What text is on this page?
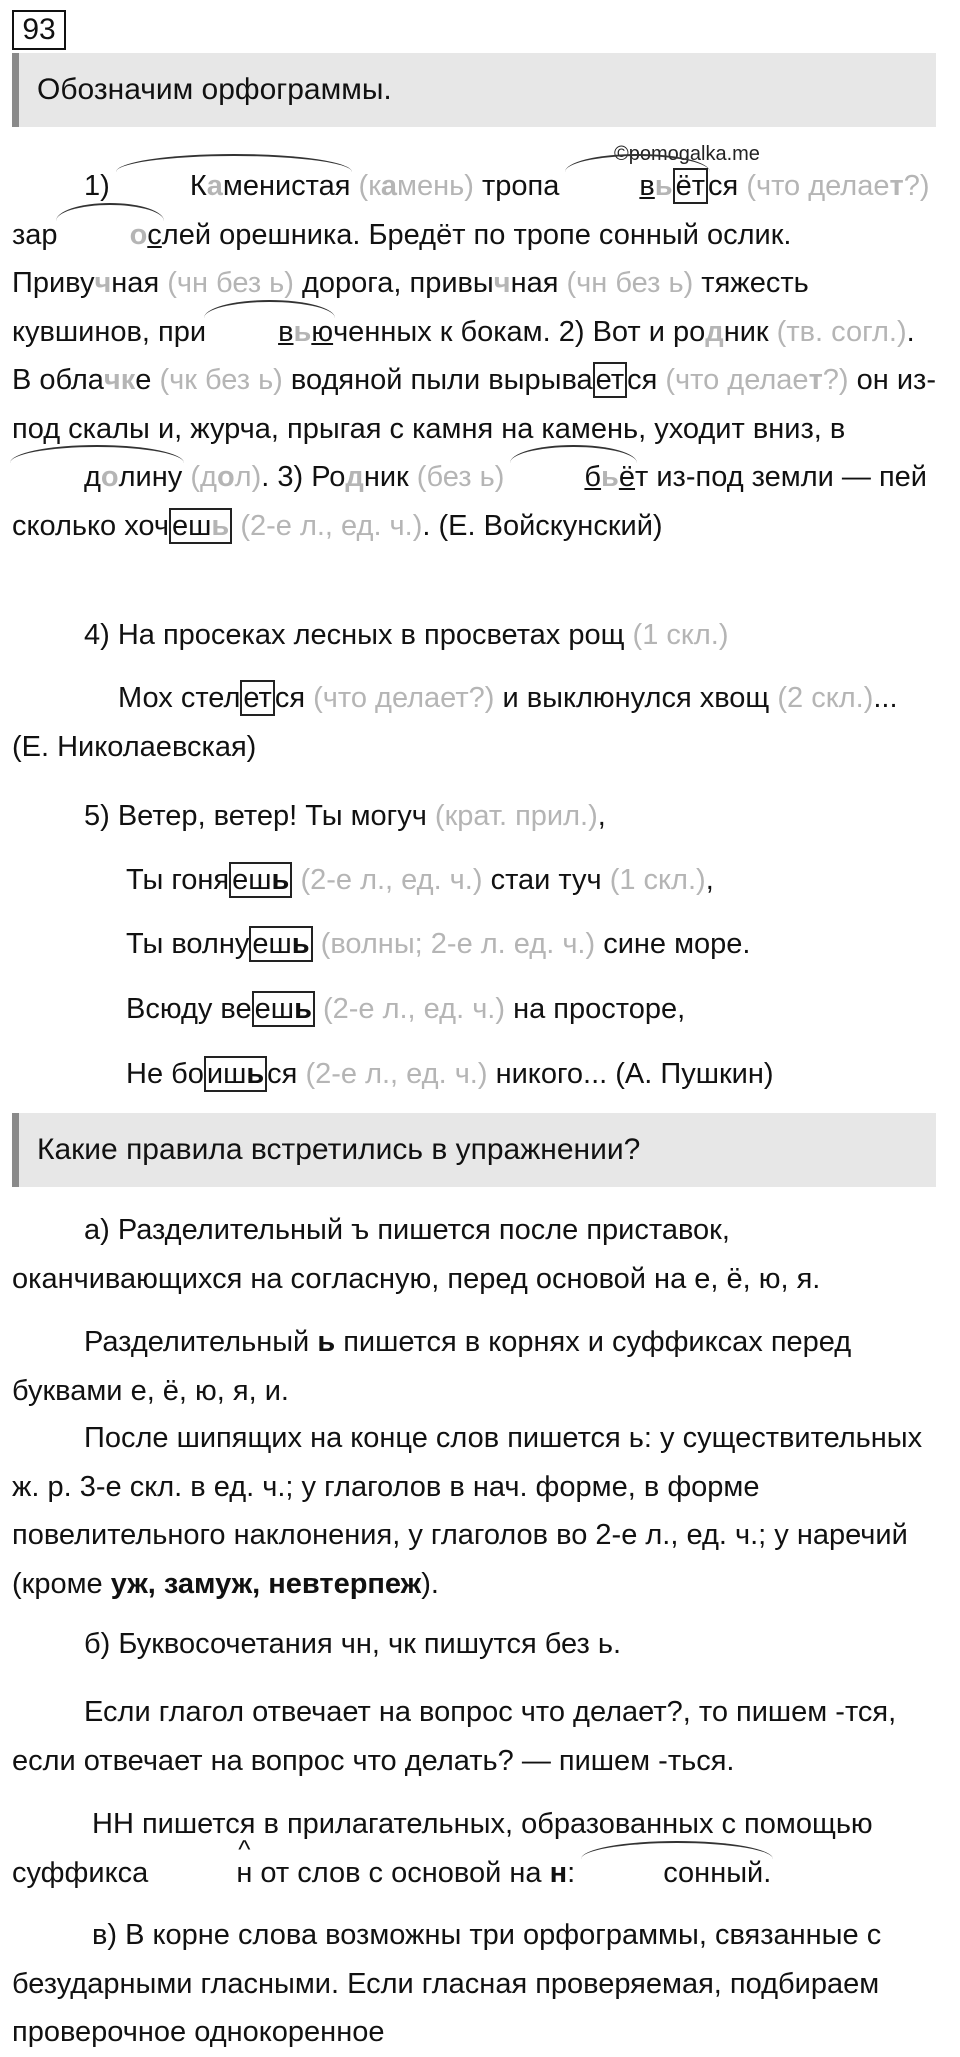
93
Обозначим орфограммы.
©pomogalka.me

1) Каменистая (камень) тропа вь ёт ся (что делает?) зар ослей орешника. Бредёт по тропе сонный ослик. Привучная (чн без ь) дорога, привычная (чн без ь) тяжесть кувшинов, при вьюченных к бокам. 2) Вот и родник (тв. согл.). В облачке (чк без ь) водяной пыли вырыва ет ся (что делает?) он из-под скалы и, журча, прыгая с камня на камень, уходит вниз, в долину (дол). 3) Родник (без ь)	бьёт из-под земли — пей сколько хоч ешь (2-е л., ед. ч.). (Е. Войскунский)

4) На просеках лесных в просветах рощ (1 скл.)

Мох стел ет ся (что делает?) и выклюнулся хвощ (2 скл.)... (Е. Николаевская)

5) Ветер, ветер! Ты могуч (крат. прил.),
Ты гоня ешь (2-е л., ед. ч.) стаи туч (1 скл.),
Ты волну ешь (волны; 2-е л. ед. ч.) сине море.
Всюду ве ешь (2-е л., ед. ч.) на просторе,
Не бо ишь ся (2-е л., ед. ч.) никого... (А. Пушкин)
Какие правила встретились в упражнении?

а) Разделительный ъ пишется после приставок, оканчивающихся на согласную, перед основой на е, ё, ю, я.

Разделительный ь пишется в корнях и суффиксах перед буквами е, ё, ю, я, и.

После шипящих на конце слов пишется ь: у существительных ж. р. 3-е скл. в ед. ч.; у глаголов в нач. форме, в форме повелительного наклонения, у глаголов во 2-е л., ед. ч.; у наречий (кроме уж, замуж, невтерпеж).

б) Буквосочетания чн, чк пишутся без ь.

Если глагол отвечает на вопрос что делает?, то пишем -тся, если отвечает на вопрос что делать? — пишем -ться.

НН пишется в прилагательных, образованных с помощью суффикса ^	н от слов с основой на н:	сонный.

в) В корне слова возможны три орфограммы, связанные с безударными гласными. Если гласная проверяемая, подбираем проверочное однокоренное
